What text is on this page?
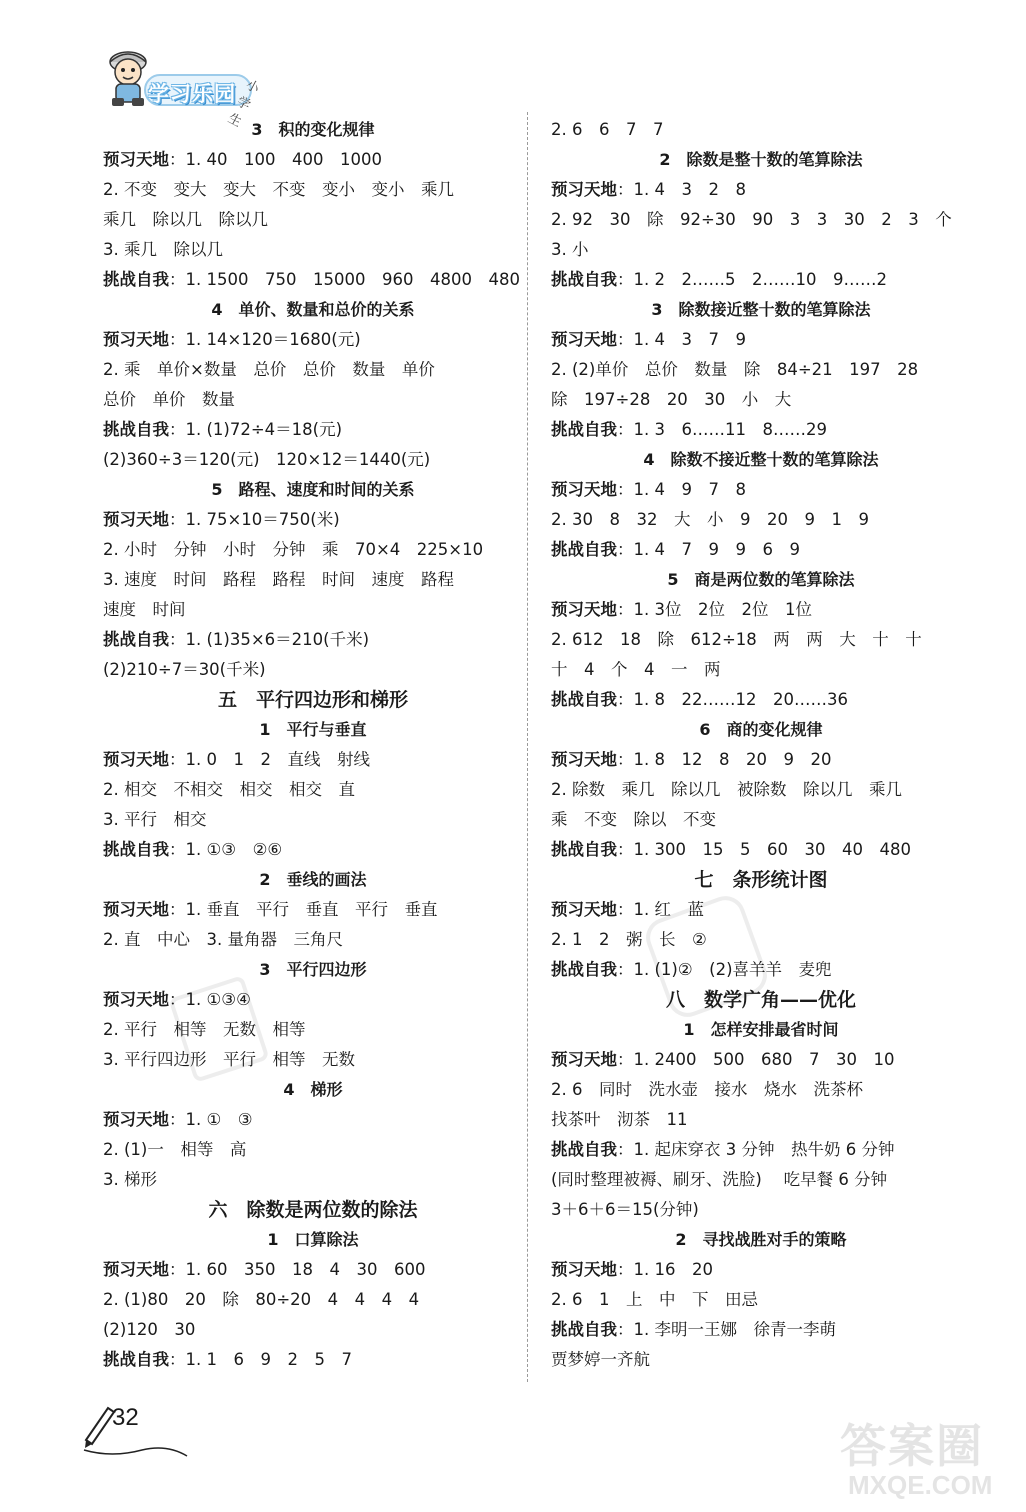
学习乐园 小学生 3　积的变化规律
预习天地：1. 40　100　400　1000
2. 不变　变大　变大　不变　变小　变小　乘几
乘几　除以几　除以几
3. 乘几　除以几
挑战自我：1. 1500　750　15000　960　4800　480
4　单价、数量和总价的关系
预习天地：1. 14×120＝1680(元)
2. 乘　单价×数量　总价　总价　数量　单价
总价　单价　数量
挑战自我：1. (1)72÷4＝18(元)
(2)360÷3＝120(元)　120×12＝1440(元)
5　路程、速度和时间的关系
预习天地：1. 75×10＝750(米)
2. 小时　分钟　小时　分钟　乘　70×4　225×10
3. 速度　时间　路程　路程　时间　速度　路程
速度　时间
挑战自我：1. (1)35×6＝210(千米)
(2)210÷7＝30(千米)
五　平行四边形和梯形
1　平行与垂直
预习天地：1. 0　1　2　直线　射线
2. 相交　不相交　相交　相交　直
3. 平行　相交
挑战自我：1. ①③　②⑥
2　垂线的画法
预习天地：1. 垂直　平行　垂直　平行　垂直
2. 直　中心　3. 量角器　三角尺
3　平行四边形
预习天地：1. ①③④
2. 平行　相等　无数　相等
3. 平行四边形　平行　相等　无数
4　梯形
预习天地：1. ①　③
2. (1)一　相等　高
3. 梯形
六　除数是两位数的除法
1　口算除法
预习天地：1. 60　350　18　4　30　600
2. (1)80　20　除　80÷20　4　4　4　4
(2)120　30
挑战自我：1. 1　6　9　2　5　7
2. 6　6　7　7
2　除数是整十数的笔算除法
预习天地：1. 4　3　2　8
2. 92　30　除　92÷30　90　3　3　30　2　3　个
3. 小
挑战自我：1. 2　2……5　2……10　9……2
3　除数接近整十数的笔算除法
预习天地：1. 4　3　7　9
2. (2)单价　总价　数量　除　84÷21　197　28
除　197÷28　20　30　小　大
挑战自我：1. 3　6……11　8……29
4　除数不接近整十数的笔算除法
预习天地：1. 4　9　7　8
2. 30　8　32　大　小　9　20　9　1　9
挑战自我：1. 4　7　9　9　6　9
5　商是两位数的笔算除法
预习天地：1. 3位　2位　2位　1位
2. 612　18　除　612÷18　两　两　大　十　十
十　4　个　4　一　两
挑战自我：1. 8　22……12　20……36
6　商的变化规律
预习天地：1. 8　12　8　20　9　20
2. 除数　乘几　除以几　被除数　除以几　乘几
乘　不变　除以　不变
挑战自我：1. 300　15　5　60　30　40　480
七　条形统计图
预习天地：1. 红　蓝
2. 1　2　粥　长　②
挑战自我：1. (1)②　(2)喜羊羊　麦兜
八　数学广角——优化
1　怎样安排最省时间
预习天地：1. 2400　500　680　7　30　10
2. 6　同时　洗水壶　接水　烧水　洗茶杯
找茶叶　沏茶　11
挑战自我：1. 起床穿衣 3 分钟　热牛奶 6 分钟
(同时整理被褥、刷牙、洗脸)　 吃早餐 6 分钟
3＋6＋6＝15(分钟)
2　寻找战胜对手的策略
预习天地：1. 16　20
2. 6　1　上　中　下　田忌
挑战自我：1. 李明一王娜　徐青一李萌
贾梦婷一齐航
32
答案圈
MXQE.COM
